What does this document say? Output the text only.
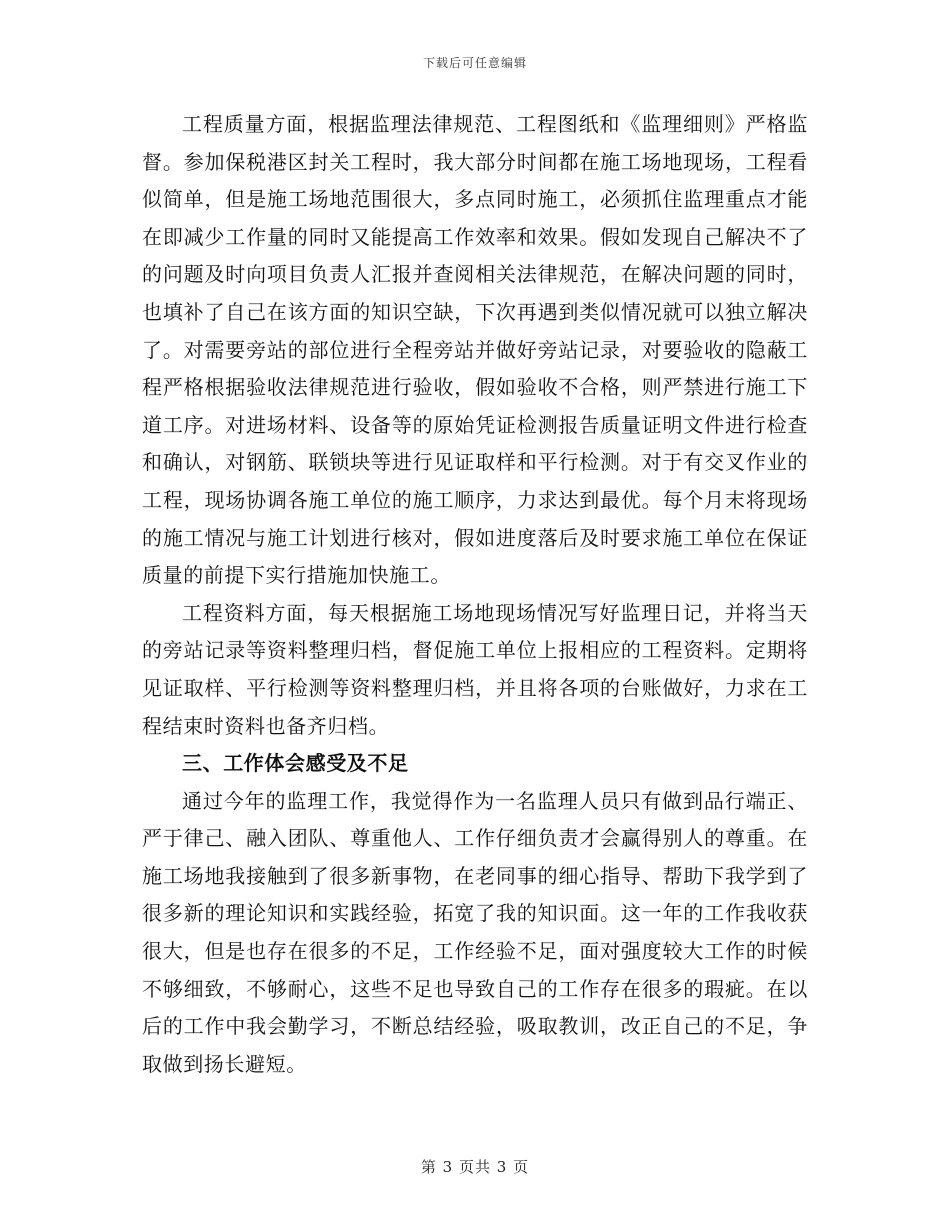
下载后可任意编辑

工程质量方面，根据监理法律规范、工程图纸和《监理细则》严格监督。参加保税港区封关工程时，我大部分时间都在施工场地现场，工程看似简单，但是施工场地范围很大，多点同时施工，必须抓住监理重点才能在即减少工作量的同时又能提高工作效率和效果。假如发现自己解决不了的问题及时向项目负责人汇报并查阅相关法律规范，在解决问题的同时，也填补了自己在该方面的知识空缺，下次再遇到类似情况就可以独立解决了。对需要旁站的部位进行全程旁站并做好旁站记录，对要验收的隐蔽工程严格根据验收法律规范进行验收，假如验收不合格，则严禁进行施工下道工序。对进场材料、设备等的原始凭证检测报告质量证明文件进行检查和确认，对钢筋、联锁块等进行见证取样和平行检测。对于有交叉作业的工程，现场协调各施工单位的施工顺序，力求达到最优。每个月末将现场的施工情况与施工计划进行核对，假如进度落后及时要求施工单位在保证质量的前提下实行措施加快施工。

工程资料方面，每天根据施工场地现场情况写好监理日记，并将当天的旁站记录等资料整理归档，督促施工单位上报相应的工程资料。定期将见证取样、平行检测等资料整理归档，并且将各项的台账做好，力求在工程结束时资料也备齐归档。

三、工作体会感受及不足

通过今年的监理工作，我觉得作为一名监理人员只有做到品行端正、严于律己、融入团队、尊重他人、工作仔细负责才会赢得别人的尊重。在施工场地我接触到了很多新事物，在老同事的细心指导、帮助下我学到了很多新的理论知识和实践经验，拓宽了我的知识面。这一年的工作我收获很大，但是也存在很多的不足，工作经验不足，面对强度较大工作的时候不够细致，不够耐心，这些不足也导致自己的工作存在很多的瑕疵。在以后的工作中我会勤学习，不断总结经验，吸取教训，改正自己的不足，争取做到扬长避短。

第 3 页共 3 页
